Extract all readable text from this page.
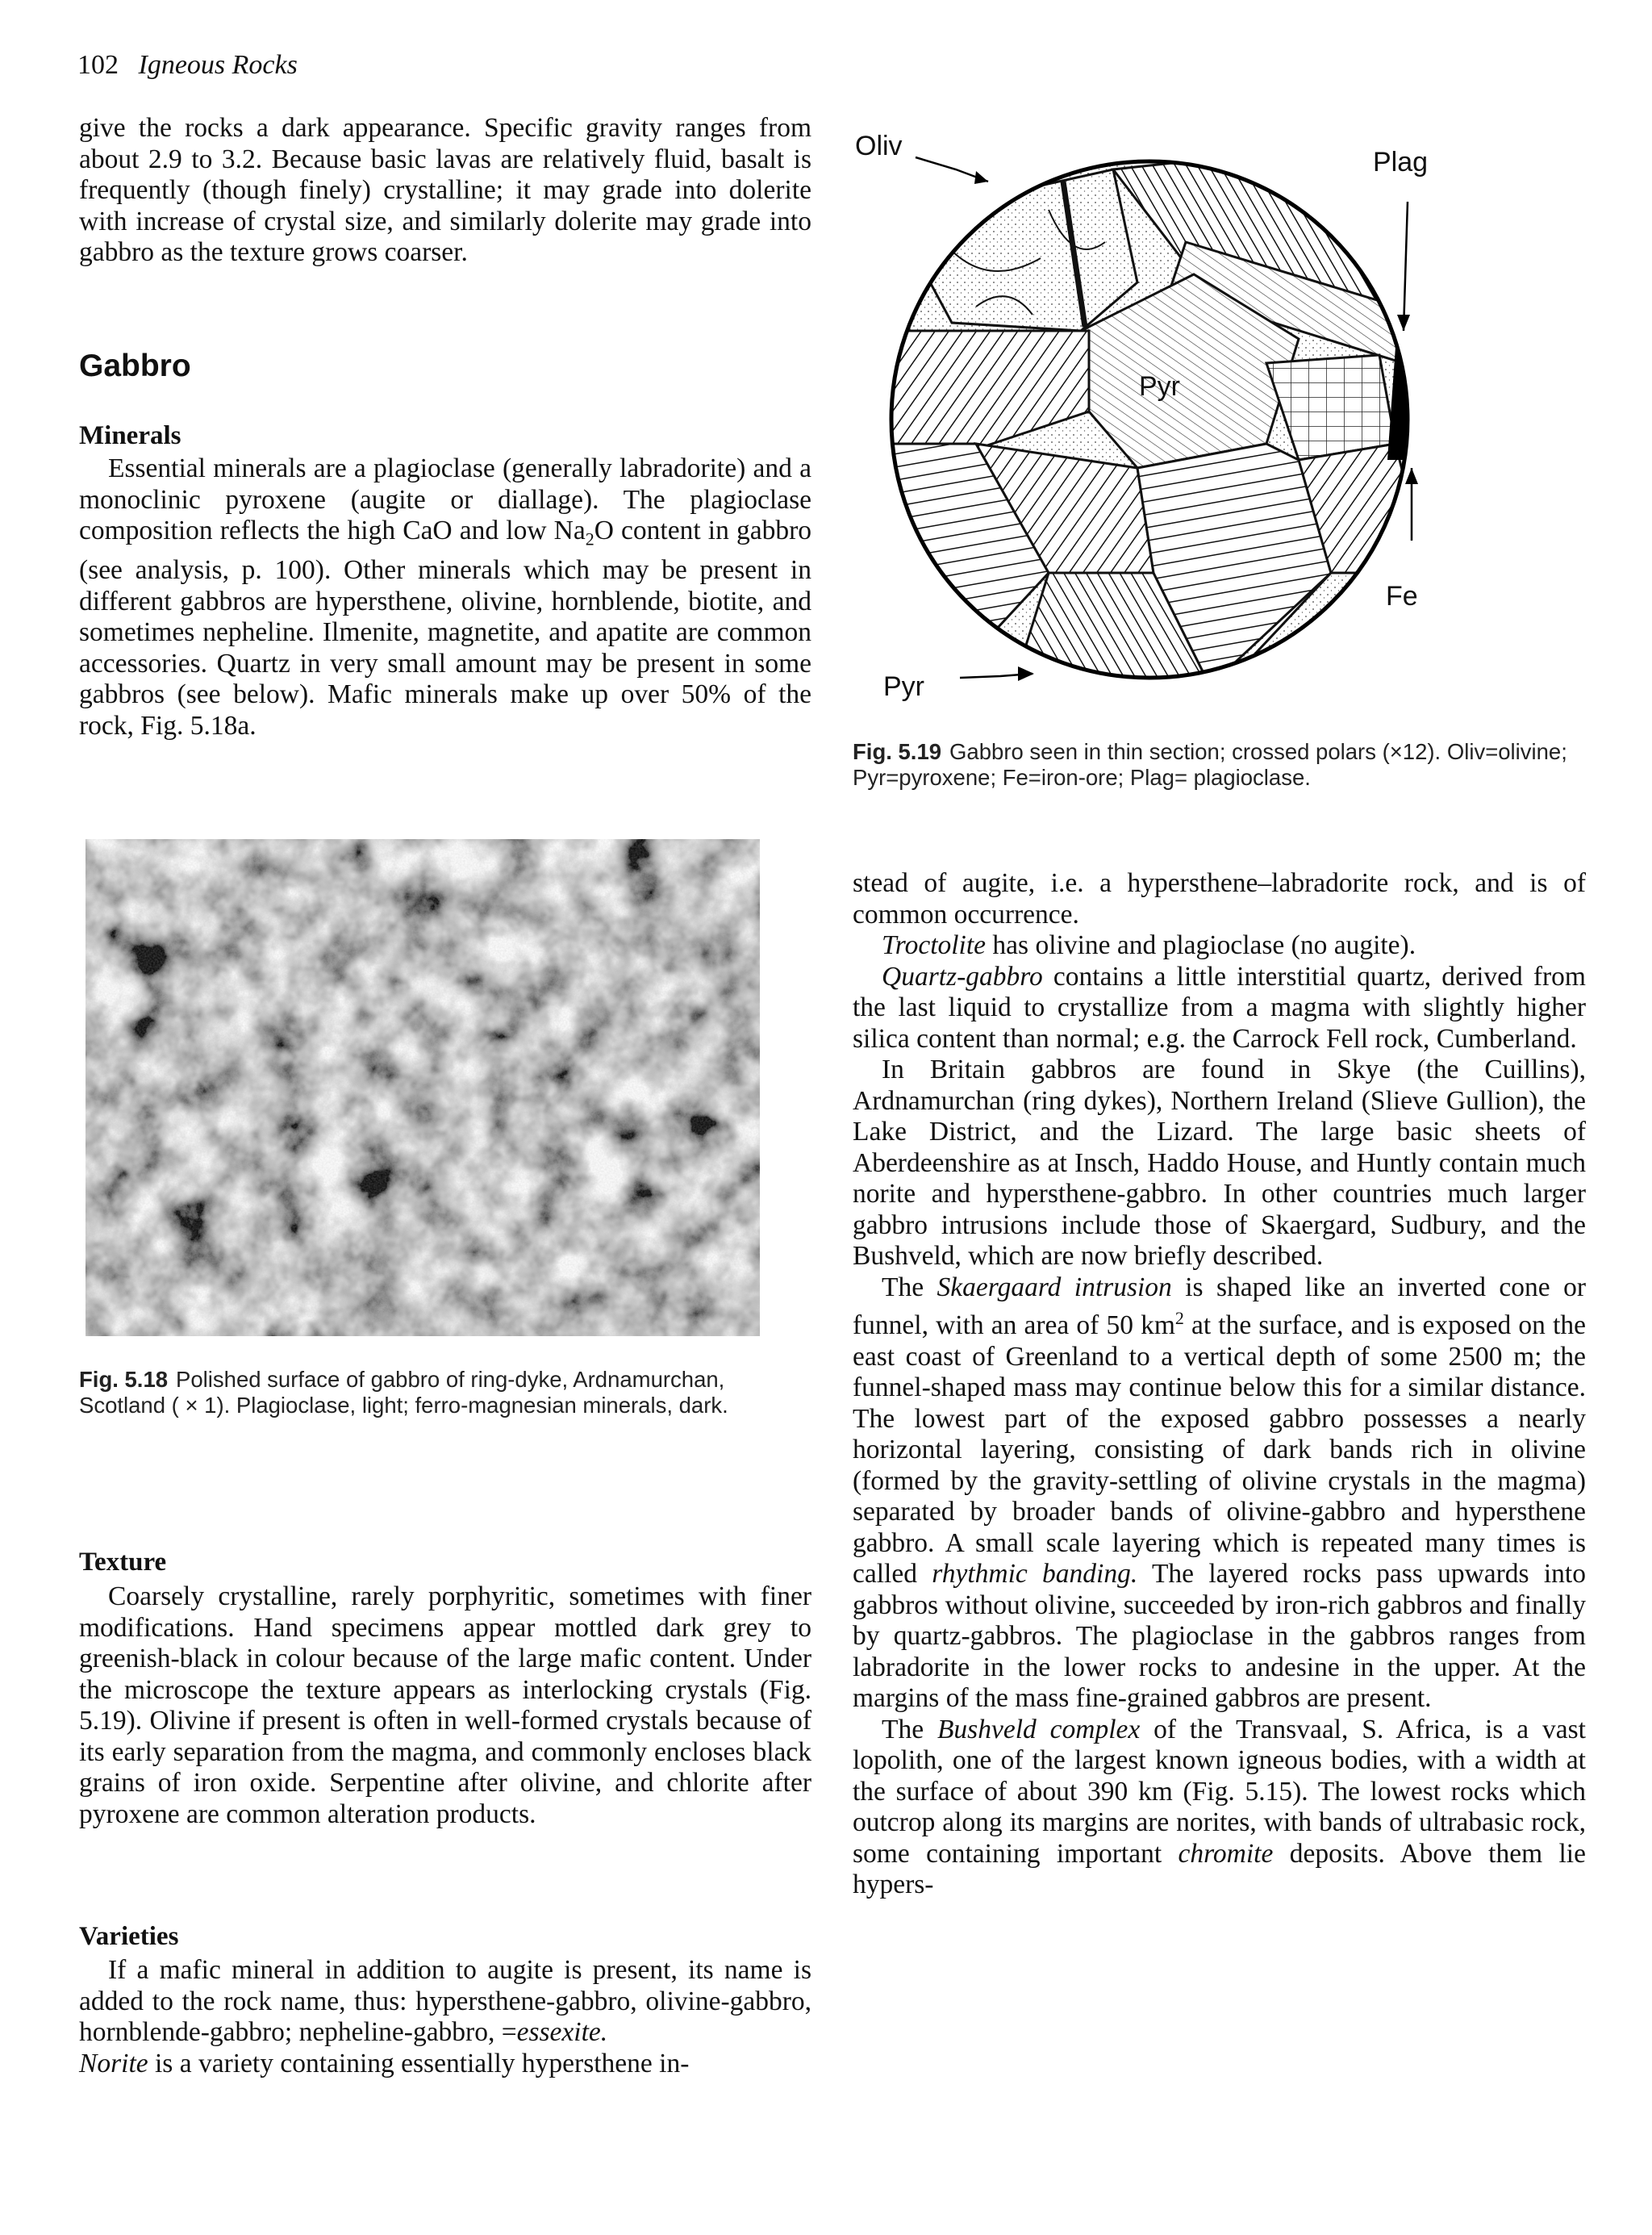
102 Igneous Rocks

give the rocks a dark appearance. Specific gravity ranges from about 2.9 to 3.2. Because basic lavas are relatively fluid, basalt is frequently (though finely) crystalline; it may grade into dolerite with increase of crystal size, and similarly dolerite may grade into gabbro as the texture grows coarser.

Gabbro
Minerals

Essential minerals are a plagioclase (generally labradorite) and a monoclinic pyroxene (augite or diallage). The plagioclase composition reflects the high CaO and low $Na_2O$ content in gabbro (see analysis, p. 100). Other minerals which may be present in different gabbros are hypersthene, olivine, hornblende, biotite, and sometimes nepheline. Ilmenite, magnetite, and apatite are common accessories. Quartz in very small amount may be present in some gabbros (see below). Mafic minerals make up over 50% of the rock, Fig. 5.18a.

Fig. 5.18 Polished surface of gabbro of ring-dyke, Ardnamurchan, Scotland ( × 1). Plagioclase, light; ferro-magnesian minerals, dark.
Texture

Coarsely crystalline, rarely porphyritic, sometimes with finer modifications. Hand specimens appear mottled dark grey to greenish-black in colour because of the large mafic content. Under the microscope the texture appears as interlocking crystals (Fig. 5.19). Olivine if present is often in well-formed crystals because of its early separation from the magma, and commonly encloses black grains of iron oxide. Serpentine after olivine, and chlorite after pyroxene are common alteration products.

Varieties

If a mafic mineral in addition to augite is present, its name is added to the rock name, thus: hypersthene-gabbro, olivine-gabbro, hornblende-gabbro; nepheline-gabbro, =essexite.

Norite is a variety containing essentially hypersthene in-

Oliv
Plag
Pyr
Fe
Pyr
Fig. 5.19 Gabbro seen in thin section; crossed polars (×12). Oliv=olivine; Pyr=pyroxene; Fe=iron-ore; Plag= plagioclase.

stead of augite, i.e. a hypersthene–labradorite rock, and is of common occurrence.

Troctolite has olivine and plagioclase (no augite).

Quartz-gabbro contains a little interstitial quartz, derived from the last liquid to crystallize from a magma with slightly higher silica content than normal; e.g. the Carrock Fell rock, Cumberland.

In Britain gabbros are found in Skye (the Cuillins), Ardnamurchan (ring dykes), Northern Ireland (Slieve Gullion), the Lake District, and the Lizard. The large basic sheets of Aberdeenshire as at Insch, Haddo House, and Huntly contain much norite and hypersthene-gabbro. In other countries much larger gabbro intrusions include those of Skaergard, Sudbury, and the Bushveld, which are now briefly described.

The Skaergaard intrusion is shaped like an inverted cone or funnel, with an area of 50 $km^2$ at the surface, and is exposed on the east coast of Greenland to a vertical depth of some 2500 m; the funnel-shaped mass may continue below this for a similar distance. The lowest part of the exposed gabbro possesses a nearly horizontal layering, consisting of dark bands rich in olivine (formed by the gravity-settling of olivine crystals in the magma) separated by broader bands of olivine-gabbro and hypersthene gabbro. A small scale layering which is repeated many times is called rhythmic banding. The layered rocks pass upwards into gabbros without olivine, succeeded by iron-rich gabbros and finally by quartz-gabbros. The plagioclase in the gabbros ranges from labradorite in the lower rocks to andesine in the upper. At the margins of the mass fine-grained gabbros are present.

The Bushveld complex of the Transvaal, S. Africa, is a vast lopolith, one of the largest known igneous bodies, with a width at the surface of about 390 km (Fig. 5.15). The lowest rocks which outcrop along its margins are norites, with bands of ultrabasic rock, some containing important chromite deposits. Above them lie hypers-
